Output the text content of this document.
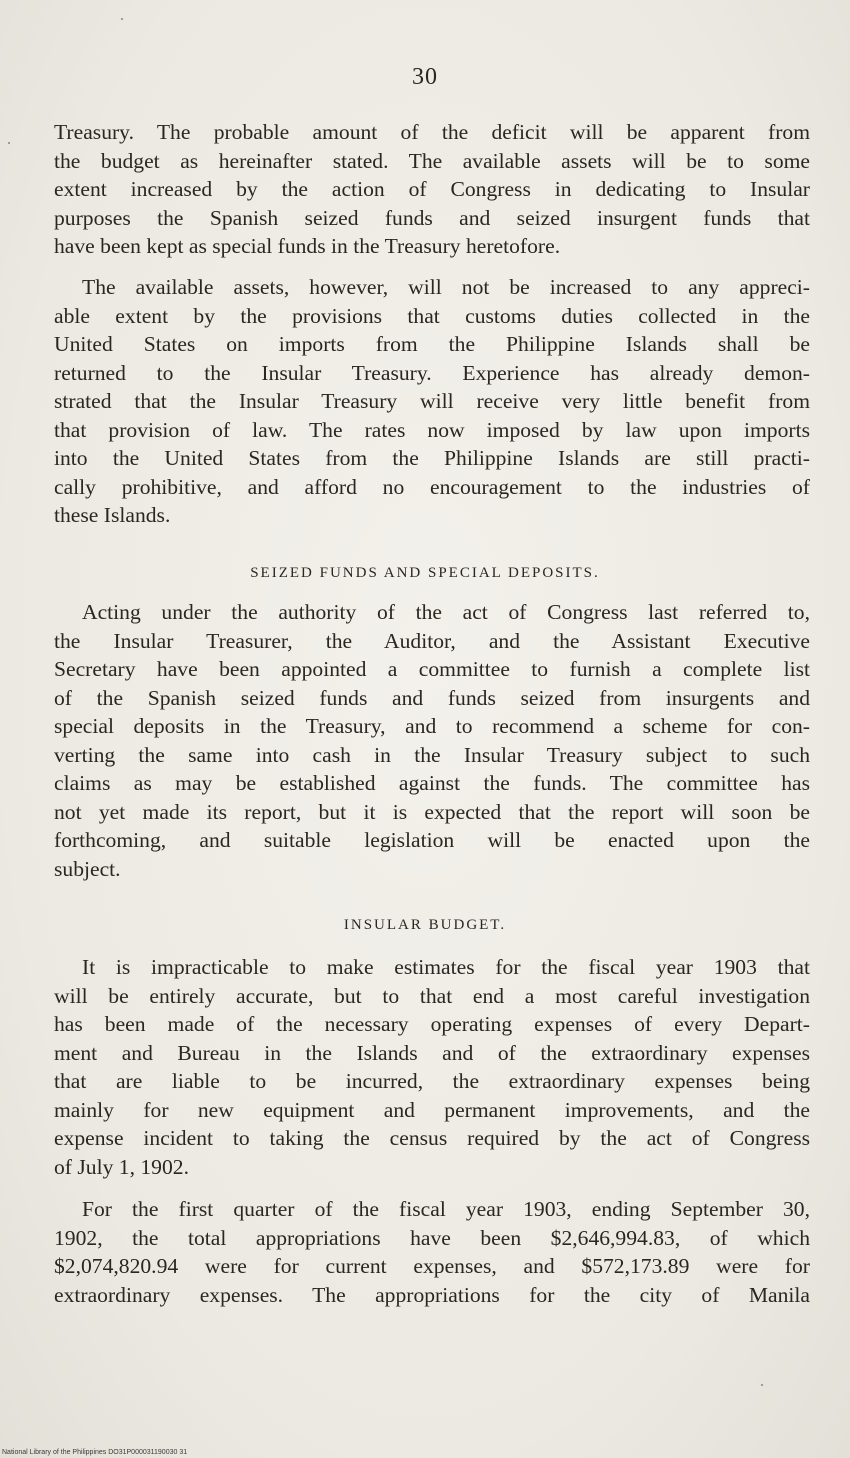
30

Treasury. The probable amount of the deficit will be apparent from

the budget as hereinafter stated. The available assets will be to some

extent increased by the action of Congress in dedicating to Insular

purposes the Spanish seized funds and seized insurgent funds that

have been kept as special funds in the Treasury heretofore.

The available assets, however, will not be increased to any appreci-

able extent by the provisions that customs duties collected in the

United States on imports from the Philippine Islands shall be

returned to the Insular Treasury. Experience has already demon-

strated that the Insular Treasury will receive very little benefit from

that provision of law. The rates now imposed by law upon imports

into the United States from the Philippine Islands are still practi-

cally prohibitive, and afford no encouragement to the industries of

these Islands.

SEIZED FUNDS AND SPECIAL DEPOSITS.

Acting under the authority of the act of Congress last referred to,

the Insular Treasurer, the Auditor, and the Assistant Executive

Secretary have been appointed a committee to furnish a complete list

of the Spanish seized funds and funds seized from insurgents and

special deposits in the Treasury, and to recommend a scheme for con-

verting the same into cash in the Insular Treasury subject to such

claims as may be established against the funds. The committee has

not yet made its report, but it is expected that the report will soon be

forthcoming, and suitable legislation will be enacted upon the

subject.

INSULAR BUDGET.

It is impracticable to make estimates for the fiscal year 1903 that

will be entirely accurate, but to that end a most careful investigation

has been made of the necessary operating expenses of every Depart-

ment and Bureau in the Islands and of the extraordinary expenses

that are liable to be incurred, the extraordinary expenses being

mainly for new equipment and permanent improvements, and the

expense incident to taking the census required by the act of Congress

of July 1, 1902.

For the first quarter of the fiscal year 1903, ending September 30,

1902, the total appropriations have been $2,646,994.83, of which

$2,074,820.94 were for current expenses, and $572,173.89 were for

extraordinary expenses. The appropriations for the city of Manila

National Library of the Philippines DO31P000031190030 31
